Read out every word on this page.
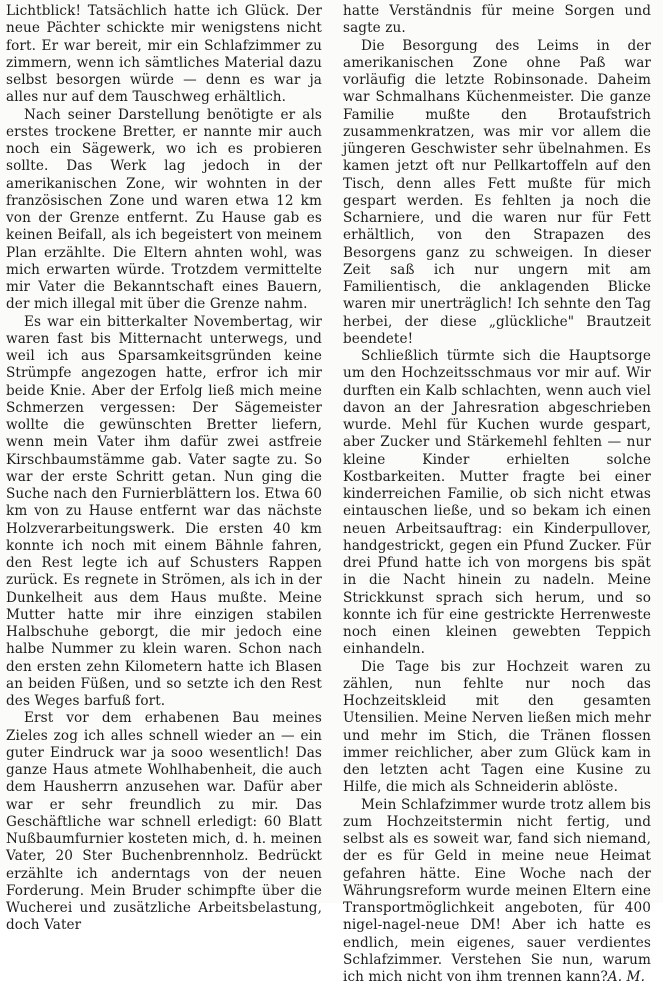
Lichtblick! Tatsächlich hatte ich Glück. Der neue Pächter schickte mir wenigstens nicht fort. Er war bereit, mir ein Schlafzimmer zu zimmern, wenn ich sämtliches Material dazu selbst besorgen würde — denn es war ja alles nur auf dem Tauschweg erhältlich.

Nach seiner Darstellung benötigte er als erstes trockene Bretter, er nannte mir auch noch ein Sägewerk, wo ich es probieren sollte. Das Werk lag jedoch in der amerikanischen Zone, wir wohnten in der französischen Zone und waren etwa 12 km von der Grenze entfernt. Zu Hause gab es keinen Beifall, als ich begeistert von meinem Plan erzählte. Die Eltern ahnten wohl, was mich erwarten würde. Trotzdem vermittelte mir Vater die Bekanntschaft eines Bauern, der mich illegal mit über die Grenze nahm.

Es war ein bitterkalter Novembertag, wir waren fast bis Mitternacht unterwegs, und weil ich aus Sparsamkeitsgründen keine Strümpfe angezogen hatte, erfror ich mir beide Knie. Aber der Erfolg ließ mich meine Schmerzen vergessen: Der Sägemeister wollte die gewünschten Bretter liefern, wenn mein Vater ihm dafür zwei astfreie Kirschbaumstämme gab. Vater sagte zu. So war der erste Schritt getan. Nun ging die Suche nach den Furnierblättern los. Etwa 60 km von zu Hause entfernt war das nächste Holzverarbeitungswerk. Die ersten 40 km konnte ich noch mit einem Bähnle fahren, den Rest legte ich auf Schusters Rappen zurück. Es regnete in Strömen, als ich in der Dunkelheit aus dem Haus mußte. Meine Mutter hatte mir ihre einzigen stabilen Halbschuhe geborgt, die mir jedoch eine halbe Nummer zu klein waren. Schon nach den ersten zehn Kilometern hatte ich Blasen an beiden Füßen, und so setzte ich den Rest des Weges barfuß fort.

Erst vor dem erhabenen Bau meines Zieles zog ich alles schnell wieder an — ein guter Eindruck war ja sooo wesentlich! Das ganze Haus atmete Wohlhabenheit, die auch dem Hausherrn anzusehen war. Dafür aber war er sehr freundlich zu mir. Das Geschäftliche war schnell erledigt: 60 Blatt Nußbaumfurnier kosteten mich, d. h. meinen Vater, 20 Ster Buchenbrennholz. Bedrückt erzählte ich anderntags von der neuen Forderung. Mein Bruder schimpfte über die Wucherei und zusätzliche Arbeitsbelastung, doch Vater

hatte Verständnis für meine Sorgen und sagte zu.

Die Besorgung des Leims in der amerikanischen Zone ohne Paß war vorläufig die letzte Robinsonade. Daheim war Schmalhans Küchenmeister. Die ganze Familie mußte den Brotaufstrich zusammenkratzen, was mir vor allem die jüngeren Geschwister sehr übelnahmen. Es kamen jetzt oft nur Pellkartoffeln auf den Tisch, denn alles Fett mußte für mich gespart werden. Es fehlten ja noch die Scharniere, und die waren nur für Fett erhältlich, von den Strapazen des Besorgens ganz zu schweigen. In dieser Zeit saß ich nur ungern mit am Familientisch, die anklagenden Blicke waren mir unerträglich! Ich sehnte den Tag herbei, der diese „glückliche" Brautzeit beendete!

Schließlich türmte sich die Hauptsorge um den Hochzeitsschmaus vor mir auf. Wir durften ein Kalb schlachten, wenn auch viel davon an der Jahresration abgeschrieben wurde. Mehl für Kuchen wurde gespart, aber Zucker und Stärkemehl fehlten — nur kleine Kinder erhielten solche Kostbarkeiten. Mutter fragte bei einer kinderreichen Familie, ob sich nicht etwas eintauschen ließe, und so bekam ich einen neuen Arbeitsauftrag: ein Kinderpullover, handgestrickt, gegen ein Pfund Zucker. Für drei Pfund hatte ich von morgens bis spät in die Nacht hinein zu nadeln. Meine Strickkunst sprach sich herum, und so konnte ich für eine gestrickte Herrenweste noch einen kleinen gewebten Teppich einhandeln.

Die Tage bis zur Hochzeit waren zu zählen, nun fehlte nur noch das Hochzeitskleid mit den gesamten Utensilien. Meine Nerven ließen mich mehr und mehr im Stich, die Tränen flossen immer reichlicher, aber zum Glück kam in den letzten acht Tagen eine Kusine zu Hilfe, die mich als Schneiderin ablöste.

Mein Schlafzimmer wurde trotz allem bis zum Hochzeitstermin nicht fertig, und selbst als es soweit war, fand sich niemand, der es für Geld in meine neue Heimat gefahren hätte. Eine Woche nach der Währungsreform wurde meinen Eltern eine Transportmöglichkeit angeboten, für 400 nigel-nagel-neue DM! Aber ich hatte es endlich, mein eigenes, sauer verdientes Schlafzimmer. Verstehen Sie nun, warum ich mich nicht von ihm trennen kann? A. M.
